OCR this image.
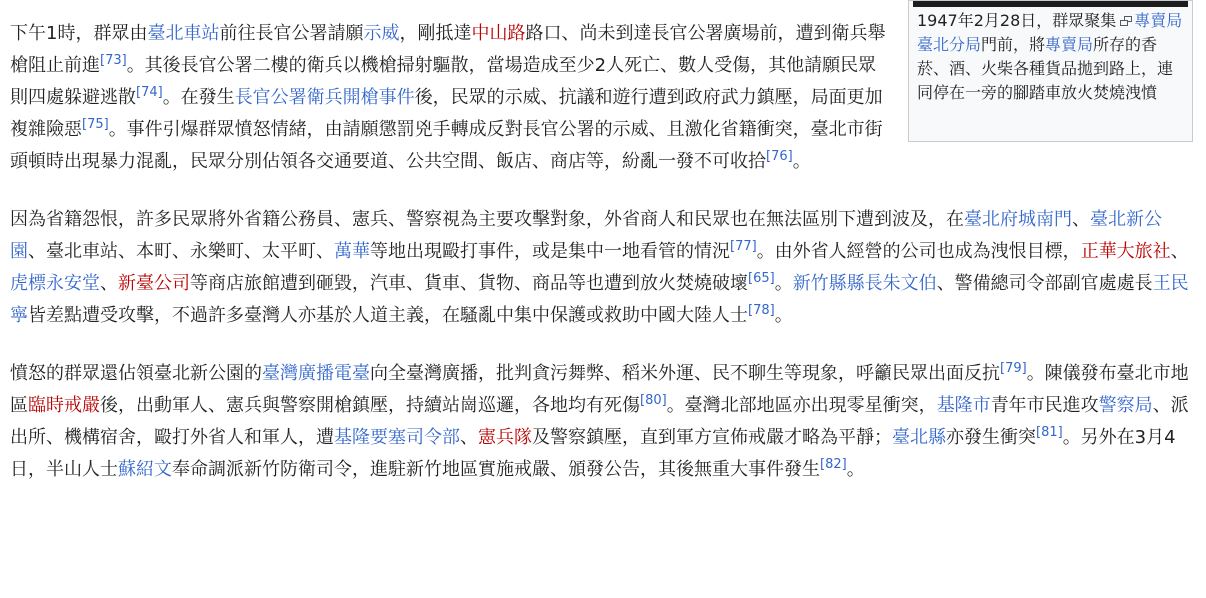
1947年2月28日，群眾聚集 專賣局臺北分局門前，將專賣局所存的香菸、酒、火柴各種貨品拋到路上，連同停在一旁的腳踏車放火焚燒洩憤

下午1時，群眾由臺北車站前往長官公署請願示威，剛抵達中山路路口、尚未到達長官公署廣場前，遭到衛兵舉槍阻止前進[73]。其後長官公署二樓的衛兵以機槍掃射驅散，當場造成至少2人死亡、數人受傷，其他請願民眾則四處躲避逃散[74]。在發生長官公署衛兵開槍事件後，民眾的示威、抗議和遊行遭到政府武力鎮壓，局面更加複雜險惡[75]。事件引爆群眾憤怒情緒，由請願懲罰兇手轉成反對長官公署的示威、且激化省籍衝突，臺北市街頭頓時出現暴力混亂，民眾分別佔領各交通要道、公共空間、飯店、商店等，紛亂一發不可收拾[76]。

因為省籍怨恨，許多民眾將外省籍公務員、憲兵、警察視為主要攻擊對象，外省商人和民眾也在無法區別下遭到波及，在臺北府城南門、臺北新公園、臺北車站、本町、永樂町、太平町、萬華等地出現毆打事件，或是集中一地看管的情況[77]。由外省人經營的公司也成為洩恨目標，正華大旅社、虎標永安堂、新臺公司等商店旅館遭到砸毀，汽車、貨車、貨物、商品等也遭到放火焚燒破壞[65]。新竹縣縣長朱文伯、警備總司令部副官處處長王民寧皆差點遭受攻擊，不過許多臺灣人亦基於人道主義，在騷亂中集中保護或救助中國大陸人士[78]。

憤怒的群眾還佔領臺北新公園的臺灣廣播電臺向全臺灣廣播，批判貪污舞弊、稻米外運、民不聊生等現象，呼籲民眾出面反抗[79]。陳儀發布臺北市地區臨時戒嚴後，出動軍人、憲兵與警察開槍鎮壓，持續站崗巡邏，各地均有死傷[80]。臺灣北部地區亦出現零星衝突，基隆市青年市民進攻警察局、派出所、機構宿舍，毆打外省人和軍人，遭基隆要塞司令部、憲兵隊及警察鎮壓，直到軍方宣佈戒嚴才略為平靜；臺北縣亦發生衝突[81]。另外在3月4日，半山人士蘇紹文奉命調派新竹防衛司令，進駐新竹地區實施戒嚴、頒發公告，其後無重大事件發生[82]。
